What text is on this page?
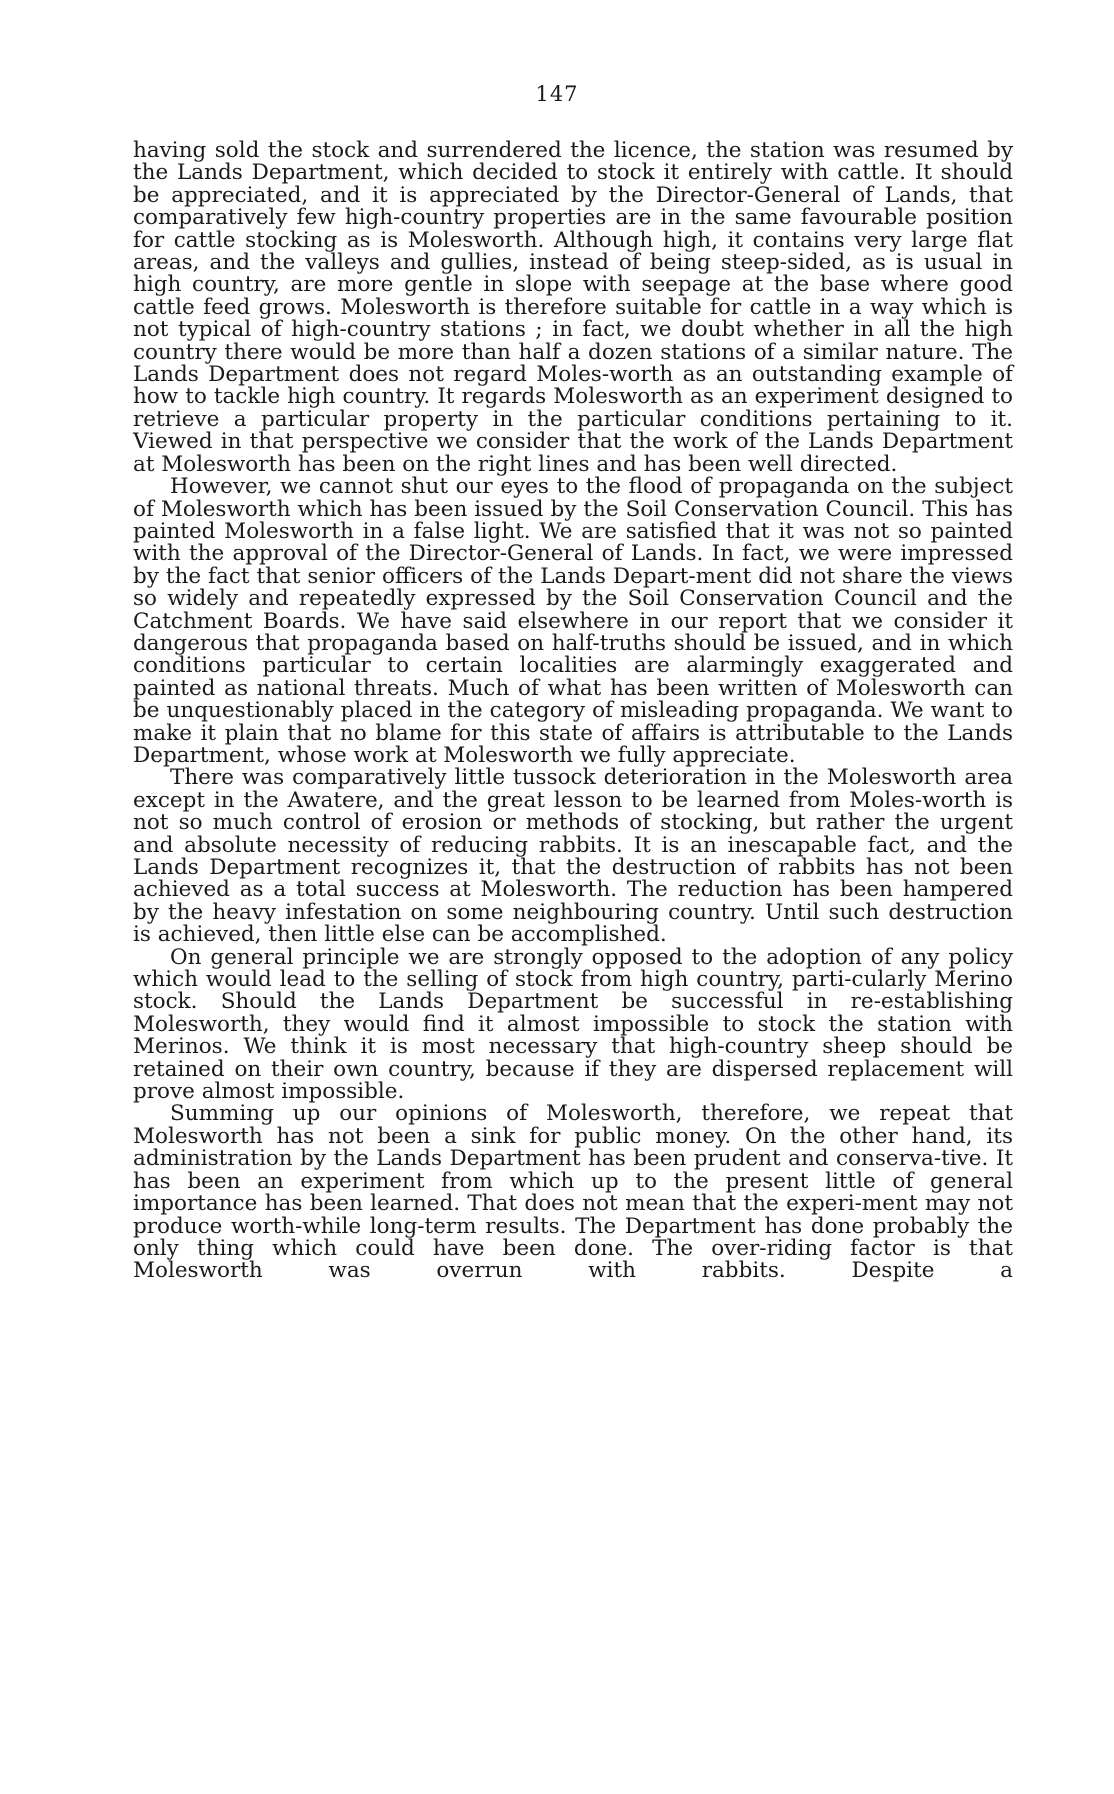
147

having sold the stock and surrendered the licence, the station was resumed by the Lands Department, which decided to stock it entirely with cattle. It should be appreciated, and it is appreciated by the Director-General of Lands, that comparatively few high-country properties are in the same favourable position for cattle stocking as is Molesworth. Although high, it contains very large flat areas, and the valleys and gullies, instead of being steep-sided, as is usual in high country, are more gentle in slope with seepage at the base where good cattle feed grows. Molesworth is therefore suitable for cattle in a way which is not typical of high-country stations ; in fact, we doubt whether in all the high country there would be more than half a dozen stations of a similar nature. The Lands Department does not regard Moles-worth as an outstanding example of how to tackle high country. It regards Molesworth as an experiment designed to retrieve a particular property in the particular conditions pertaining to it. Viewed in that perspective we consider that the work of the Lands Department at Molesworth has been on the right lines and has been well directed.

However, we cannot shut our eyes to the flood of propaganda on the subject of Molesworth which has been issued by the Soil Conservation Council. This has painted Molesworth in a false light. We are satisfied that it was not so painted with the approval of the Director-General of Lands. In fact, we were impressed by the fact that senior officers of the Lands Depart-ment did not share the views so widely and repeatedly expressed by the Soil Conservation Council and the Catchment Boards. We have said elsewhere in our report that we consider it dangerous that propaganda based on half-truths should be issued, and in which conditions particular to certain localities are alarmingly exaggerated and painted as national threats. Much of what has been written of Molesworth can be unquestionably placed in the category of misleading propaganda. We want to make it plain that no blame for this state of affairs is attributable to the Lands Department, whose work at Molesworth we fully appreciate.

There was comparatively little tussock deterioration in the Molesworth area except in the Awatere, and the great lesson to be learned from Moles-worth is not so much control of erosion or methods of stocking, but rather the urgent and absolute necessity of reducing rabbits. It is an inescapable fact, and the Lands Department recognizes it, that the destruction of rabbits has not been achieved as a total success at Molesworth. The reduction has been hampered by the heavy infestation on some neighbouring country. Until such destruction is achieved, then little else can be accomplished.

On general principle we are strongly opposed to the adoption of any policy which would lead to the selling of stock from high country, parti-cularly Merino stock. Should the Lands Department be successful in re-establishing Molesworth, they would find it almost impossible to stock the station with Merinos. We think it is most necessary that high-country sheep should be retained on their own country, because if they are dispersed replacement will prove almost impossible.

Summing up our opinions of Molesworth, therefore, we repeat that Molesworth has not been a sink for public money. On the other hand, its administration by the Lands Department has been prudent and conserva-tive. It has been an experiment from which up to the present little of general importance has been learned. That does not mean that the experi-ment may not produce worth-while long-term results. The Department has done probably the only thing which could have been done. The over-riding factor is that Molesworth was overrun with rabbits. Despite a
